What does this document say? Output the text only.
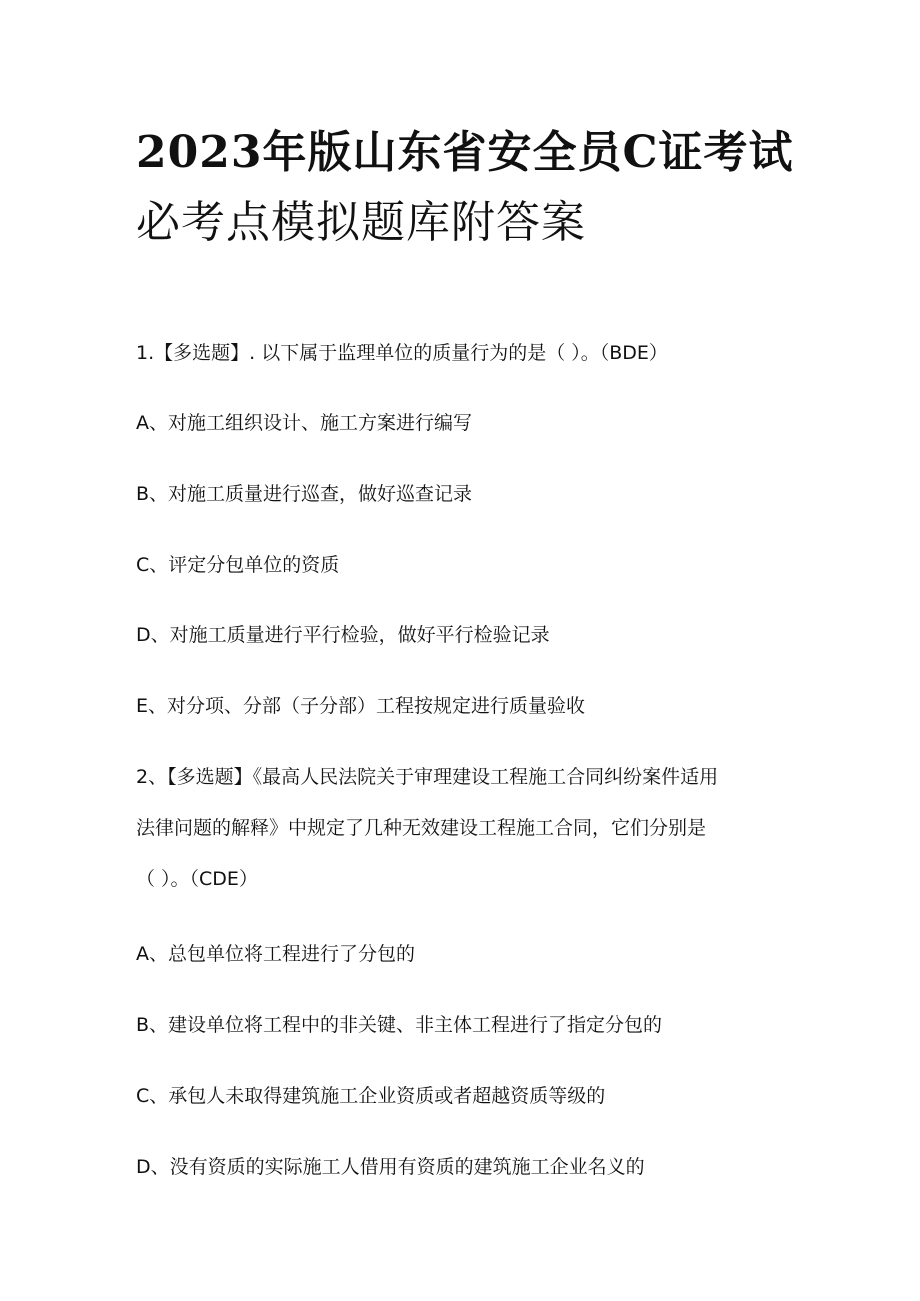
2023年版山东省安全员C证考试
必考点模拟题库附答案
1.【多选题】. 以下属于监理单位的质量行为的是（ ）。（BDE）
A、对施工组织设计、施工方案进行编写
B、对施工质量进行巡查，做好巡查记录
C、评定分包单位的资质
D、对施工质量进行平行检验，做好平行检验记录
E、对分项、分部（子分部）工程按规定进行质量验收
2、【多选题】《最高人民法院关于审理建设工程施工合同纠纷案件适用
法律问题的解释》中规定了几种无效建设工程施工合同，它们分别是
（ ）。（CDE）
A、总包单位将工程进行了分包的
B、建设单位将工程中的非关键、非主体工程进行了指定分包的
C、承包人未取得建筑施工企业资质或者超越资质等级的
D、没有资质的实际施工人借用有资质的建筑施工企业名义的
